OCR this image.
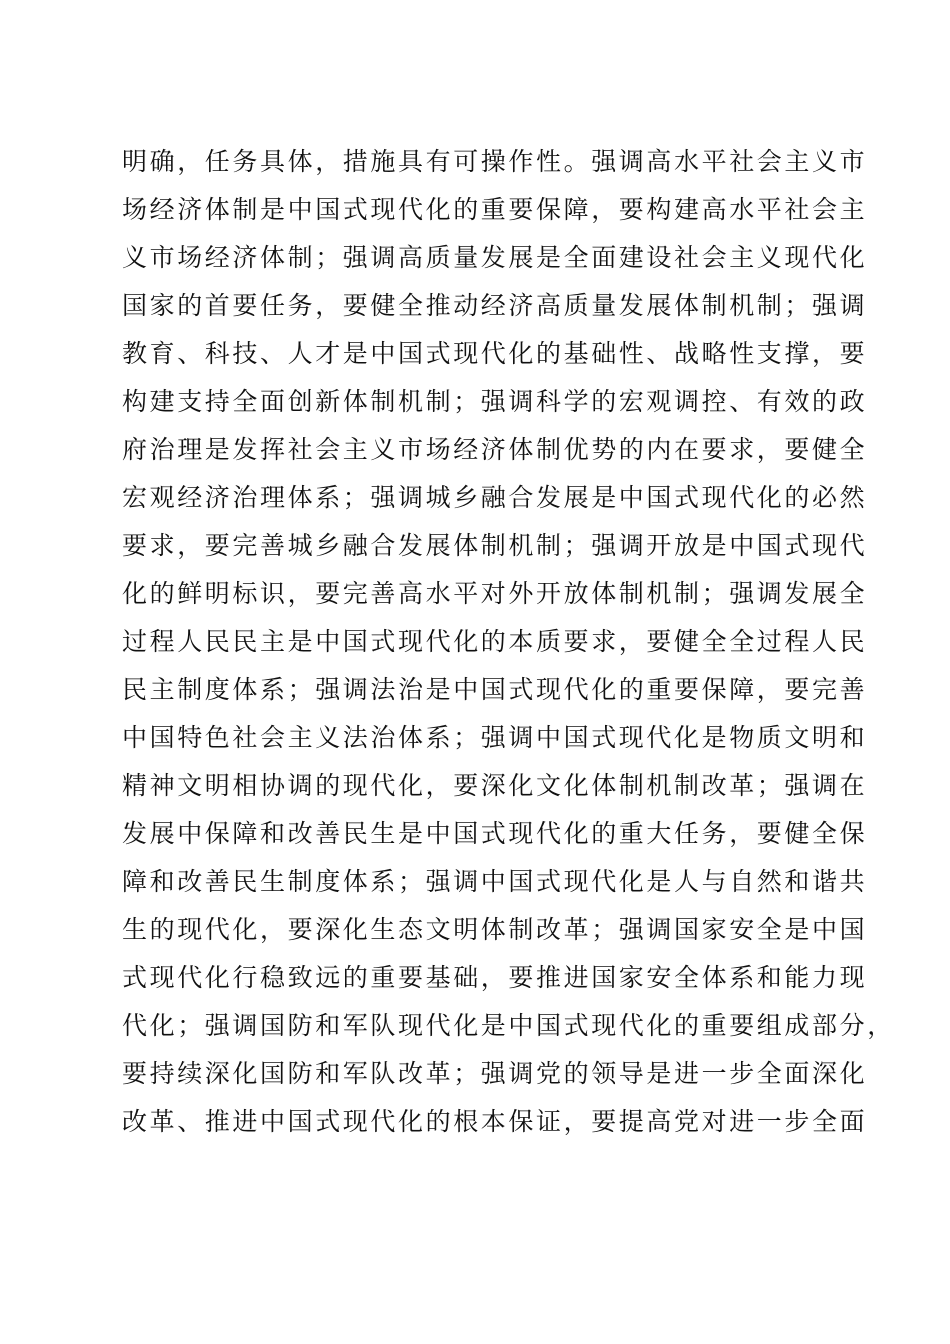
明确，任务具体，措施具有可操作性。强调高水平社会主义市
场经济体制是中国式现代化的重要保障，要构建高水平社会主
义市场经济体制；强调高质量发展是全面建设社会主义现代化
国家的首要任务，要健全推动经济高质量发展体制机制；强调
教育、科技、人才是中国式现代化的基础性、战略性支撑，要
构建支持全面创新体制机制；强调科学的宏观调控、有效的政
府治理是发挥社会主义市场经济体制优势的内在要求，要健全
宏观经济治理体系；强调城乡融合发展是中国式现代化的必然
要求，要完善城乡融合发展体制机制；强调开放是中国式现代
化的鲜明标识，要完善高水平对外开放体制机制；强调发展全
过程人民民主是中国式现代化的本质要求，要健全全过程人民
民主制度体系；强调法治是中国式现代化的重要保障，要完善
中国特色社会主义法治体系；强调中国式现代化是物质文明和
精神文明相协调的现代化，要深化文化体制机制改革；强调在
发展中保障和改善民生是中国式现代化的重大任务，要健全保
障和改善民生制度体系；强调中国式现代化是人与自然和谐共
生的现代化，要深化生态文明体制改革；强调国家安全是中国
式现代化行稳致远的重要基础，要推进国家安全体系和能力现
代化；强调国防和军队现代化是中国式现代化的重要组成部分，
要持续深化国防和军队改革；强调党的领导是进一步全面深化
改革、推进中国式现代化的根本保证，要提高党对进一步全面
